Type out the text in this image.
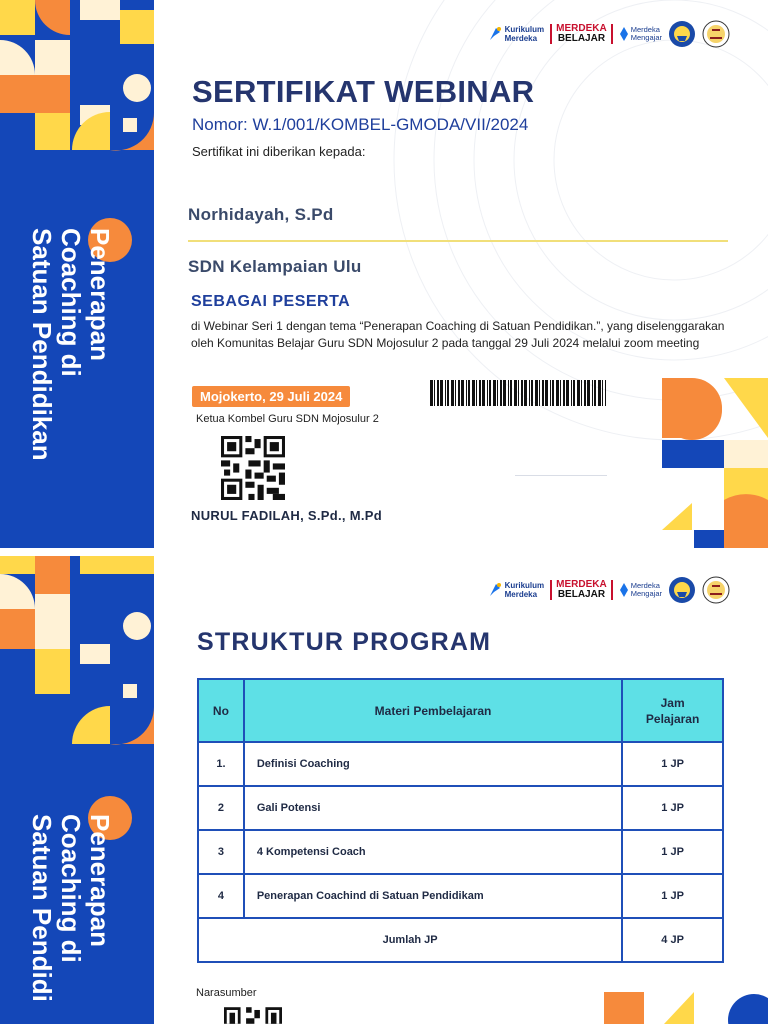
Penerapan
Coaching di
Satuan Pendidikan
Kurikulum
Merdeka
MERDEKA
BELAJAR
Merdeka
Mengajar
SERTIFIKAT WEBINAR
Nomor: W.1/001/KOMBEL-GMODA/VII/2024
Sertifikat ini diberikan kepada:
Norhidayah, S.Pd
SDN Kelampaian Ulu
SEBAGAI PESERTA
di Webinar Seri 1 dengan tema “Penerapan Coaching di Satuan Pendidikan.”, yang diselenggarakan oleh Komunitas Belajar Guru SDN Mojosulur 2 pada tanggal 29 Juli 2024 melalui zoom meeting
Mojokerto, 29 Juli 2024
Ketua Kombel Guru SDN Mojosulur 2
NURUL FADILAH, S.Pd., M.Pd
Penerapan
Coaching di
Satuan Pendidi
Kurikulum
Merdeka
MERDEKA
BELAJAR
Merdeka
Mengajar
STRUKTUR PROGRAM
No	Materi Pembelajaran	Jam
Pelajaran
1.	Definisi Coaching	1 JP
2	Gali Potensi	1 JP
3	4 Kompetensi Coach	1 JP
4	Penerapan Coachind di Satuan Pendidikam	1 JP
Jumlah JP		4 JP
Narasumber
